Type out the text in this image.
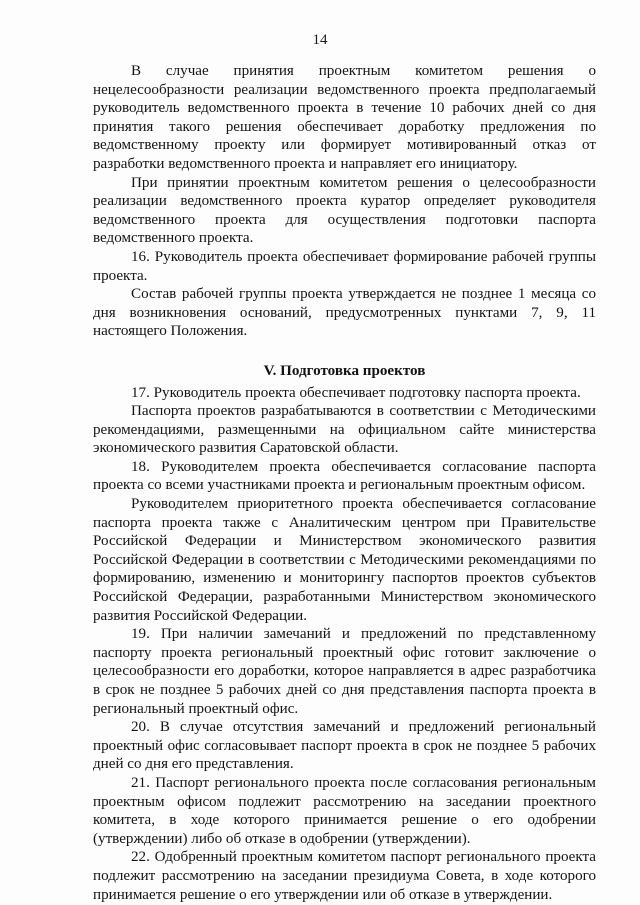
14

В случае принятия проектным комитетом решения о нецелесообразности реализации ведомственного проекта предполагаемый руководитель ведомственного проекта в течение 10 рабочих дней со дня принятия такого решения обеспечивает доработку предложения по ведомственному проекту или формирует мотивированный отказ от разработки ведомственного проекта и направляет его инициатору.

При принятии проектным комитетом решения о целесообразности реализации ведомственного проекта куратор определяет руководителя ведомственного проекта для осуществления подготовки паспорта ведомственного проекта.

16. Руководитель проекта обеспечивает формирование рабочей группы проекта.

Состав рабочей группы проекта утверждается не позднее 1 месяца со дня возникновения оснований, предусмотренных пунктами 7, 9, 11 настоящего Положения.

V. Подготовка проектов

17. Руководитель проекта обеспечивает подготовку паспорта проекта.

Паспорта проектов разрабатываются в соответствии с Методическими рекомендациями, размещенными на официальном сайте министерства экономического развития Саратовской области.

18. Руководителем проекта обеспечивается согласование паспорта проекта со всеми участниками проекта и региональным проектным офисом.

Руководителем приоритетного проекта обеспечивается согласование паспорта проекта также с Аналитическим центром при Правительстве Российской Федерации и Министерством экономического развития Российской Федерации в соответствии с Методическими рекомендациями по формированию, изменению и мониторингу паспортов проектов субъектов Российской Федерации, разработанными Министерством экономического развития Российской Федерации.

19. При наличии замечаний и предложений по представленному паспорту проекта региональный проектный офис готовит заключение о целесообразности его доработки, которое направляется в адрес разработчика в срок не позднее 5 рабочих дней со дня представления паспорта проекта в региональный проектный офис.

20. В случае отсутствия замечаний и предложений региональный проектный офис согласовывает паспорт проекта в срок не позднее 5 рабочих дней со дня его представления.

21. Паспорт регионального проекта после согласования региональным проектным офисом подлежит рассмотрению на заседании проектного комитета, в ходе которого принимается решение о его одобрении (утверждении) либо об отказе в одобрении (утверждении).

22. Одобренный проектным комитетом паспорт регионального проекта подлежит рассмотрению на заседании президиума Совета, в ходе которого принимается решение о его утверждении или об отказе в утверждении.
